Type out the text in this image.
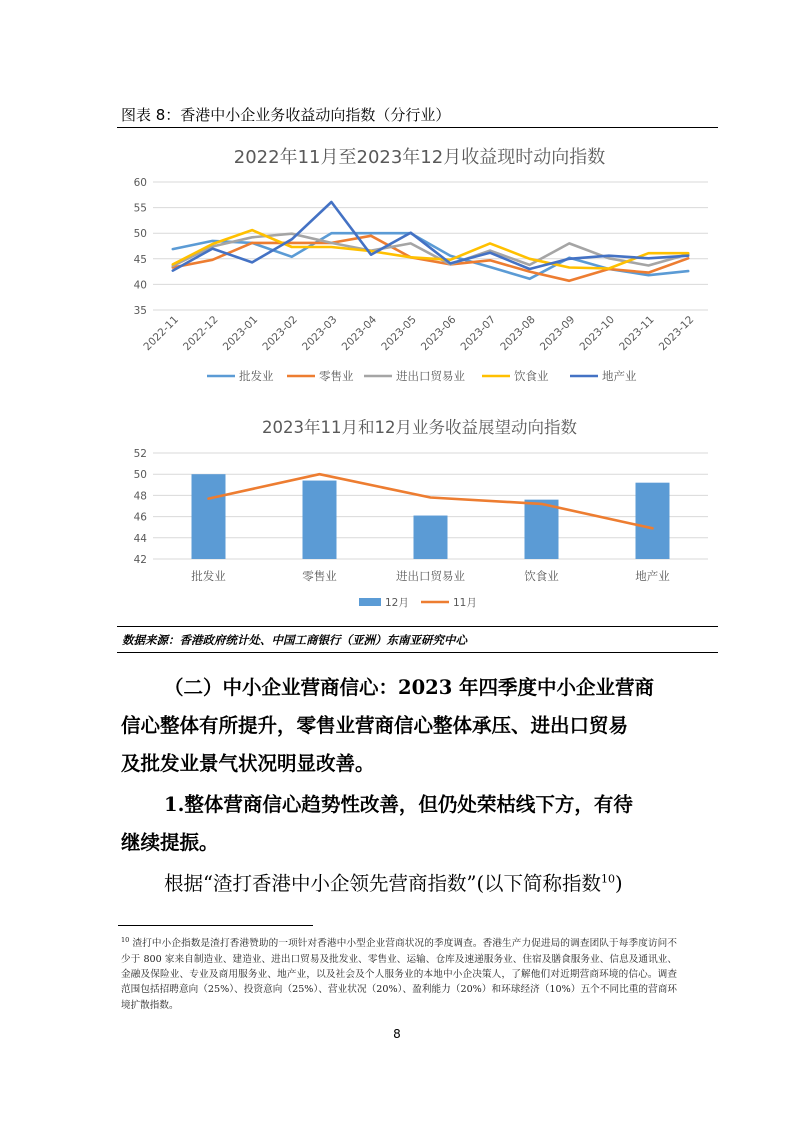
图表 8：香港中小企业务收益动向指数（分行业）
2022年11月至2023年12月收益现时动向指数
35
40
45
50
55
60
2022-11 2022-12 2023-01 2023-02 2023-03 2023-04 2023-05 2023-06 2023-07 2023-08 2023-09 2023-10 2023-11 2023-12
批发业	零售业	进出口贸易业	饮食业	地产业
2023年11月和12月业务收益展望动向指数
42
44
46
48
50
52
批发业	零售业	进出口贸易业	饮食业	地产业
12月	11月
数据来源：香港政府统计处、中国工商银行（亚洲）东南亚研究中心
（二）中小企业营商信心：2023 年四季度中小企业营商
信心整体有所提升，零售业营商信心整体承压、进出口贸易
及批发业景气状况明显改善。
1.整体营商信心趋势性改善，但仍处荣枯线下方，有待
继续提振。
根据“渣打香港中小企领先营商指数”(以下简称指数$^{10}$)
$^{10}$ 渣打中小企指数是渣打香港赞助的一项针对香港中小型企业营商状况的季度调查。香港生产力促进局的调查团队于每季度访问不少于 800 家来自制造业、建造业、进出口贸易及批发业、零售业、运输、仓库及速递服务业、住宿及膳食服务业、信息及通讯业、 金融及保险业、专业及商用服务业、地产业，以及社会及个人服务业的本地中小企决策人，了解他们对近期营商环境的信心。调查范围包括招聘意向（25%）、投资意向（25%）、营业状况（20%）、盈利能力（20%）和环球经济（10%）五个不同比重的营商环境扩散指数。
8
